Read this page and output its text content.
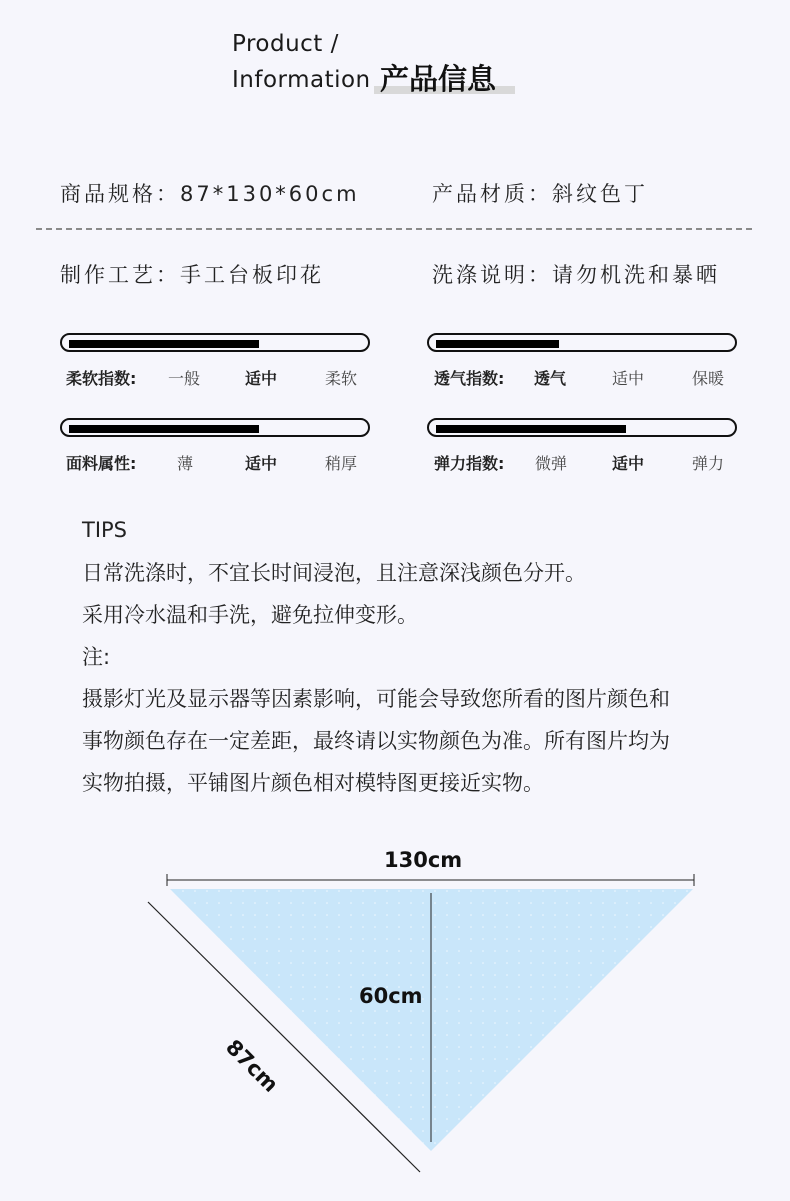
Product /
Information 产品信息
商品规格：87*130*60cm	产品材质：斜纹色丁
制作工艺：手工台板印花	洗涤说明：请勿机洗和暴晒
柔软指数: 一般	适中	柔软	透气指数: 透气	适中	保暖
面料属性:	薄	适中	稍厚	弹力指数: 微弹	适中	弹力
TIPS
日常洗涤时，不宜长时间浸泡，且注意深浅颜色分开。
采用冷水温和手洗，避免拉伸变形。
注:
摄影灯光及显示器等因素影响，可能会导致您所看的图片颜色和
事物颜色存在一定差距，最终请以实物颜色为准。所有图片均为
实物拍摄，平铺图片颜色相对模特图更接近实物。
130cm
60cm
87cm
